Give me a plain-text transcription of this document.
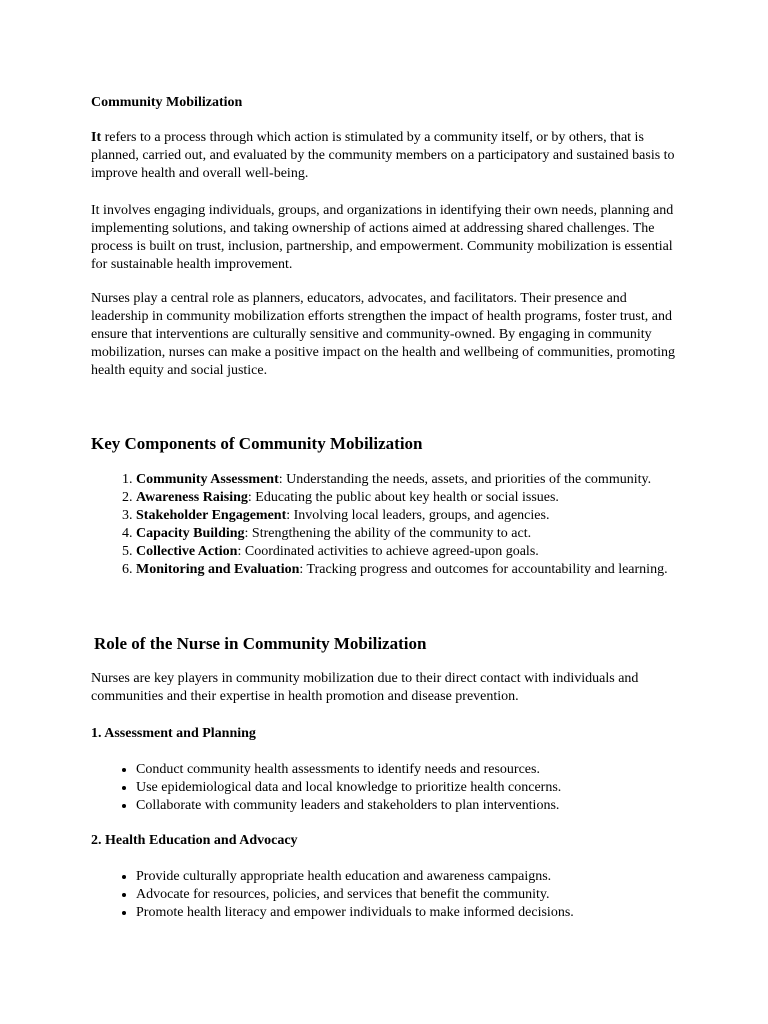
Community Mobilization

It refers to a process through which action is stimulated by a community itself, or by others, that is planned, carried out, and evaluated by the community members on a participatory and sustained basis to improve health and overall well-being.

It involves engaging individuals, groups, and organizations in identifying their own needs, planning and implementing solutions, and taking ownership of actions aimed at addressing shared challenges. The process is built on trust, inclusion, partnership, and empowerment. Community mobilization is essential for sustainable health improvement.

Nurses play a central role as planners, educators, advocates, and facilitators. Their presence and leadership in community mobilization efforts strengthen the impact of health programs, foster trust, and ensure that interventions are culturally sensitive and community-owned. By engaging in community mobilization, nurses can make a positive impact on the health and wellbeing of communities, promoting health equity and social justice.

Key Components of Community Mobilization

1. Community Assessment: Understanding the needs, assets, and priorities of the community.
2. Awareness Raising: Educating the public about key health or social issues.
3. Stakeholder Engagement: Involving local leaders, groups, and agencies.
4. Capacity Building: Strengthening the ability of the community to act.
5. Collective Action: Coordinated activities to achieve agreed-upon goals.
6. Monitoring and Evaluation: Tracking progress and outcomes for accountability and learning.

Role of the Nurse in Community Mobilization

Nurses are key players in community mobilization due to their direct contact with individuals and communities and their expertise in health promotion and disease prevention.

1. Assessment and Planning

• Conduct community health assessments to identify needs and resources.
• Use epidemiological data and local knowledge to prioritize health concerns.
• Collaborate with community leaders and stakeholders to plan interventions.

2. Health Education and Advocacy

• Provide culturally appropriate health education and awareness campaigns.
• Advocate for resources, policies, and services that benefit the community.
• Promote health literacy and empower individuals to make informed decisions.
